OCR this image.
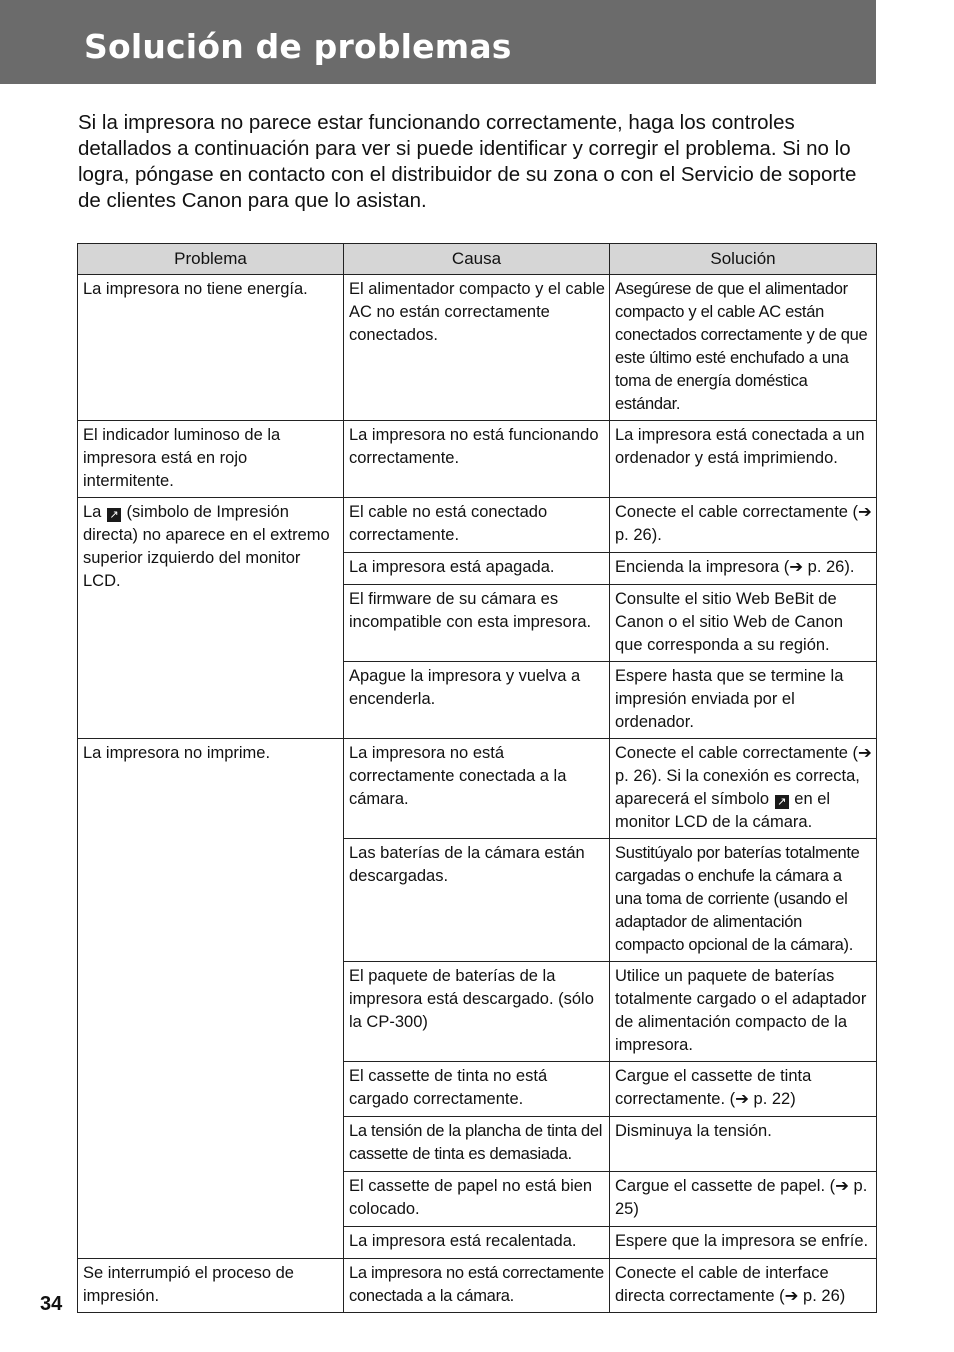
Solución de problemas

Si la impresora no parece estar funcionando correctamente, haga los controles detallados a continuación para ver si puede identificar y corregir el problema. Si no lo logra, póngase en contacto con el distribuidor de su zona o con el Servicio de soporte de clientes Canon para que lo asistan.

Problema	Causa	Solución
La impresora no tiene energía.	El alimentador compacto y el cable AC no están correctamente conectados.	Asegúrese de que el alimentador compacto y el cable AC están conectados correctamente y de que este último esté enchufado a una toma de energía doméstica estándar.
El indicador luminoso de la impresora está en rojo intermitente.	La impresora no está funcionando correctamente.	La impresora está conectada a un ordenador y está imprimiendo.
La ↗ (simbolo de Impresión directa) no aparece en el extremo superior izquierdo del monitor LCD.	El cable no está conectado correctamente.	Conecte el cable correctamente (➔ p. 26).
	La impresora está apagada.	Encienda la impresora (➔ p. 26).
	El firmware de su cámara es incompatible con esta impresora.	Consulte el sitio Web BeBit de Canon o el sitio Web de Canon que corresponda a su región.
	Apague la impresora y vuelva a encenderla.	Espere hasta que se termine la impresión enviada por el ordenador.
La impresora no imprime.	La impresora no está correctamente conectada a la cámara.	Conecte el cable correctamente (➔ p. 26). Si la conexión es correcta, aparecerá el símbolo ↗ en el monitor LCD de la cámara.
	Las baterías de la cámara están descargadas.	Sustitúyalo por baterías totalmente cargadas o enchufe la cámara a una toma de corriente (usando el adaptador de alimentación compacto opcional de la cámara).
	El paquete de baterías de la impresora está descargado. (sólo la CP-300)	Utilice un paquete de baterías totalmente cargado o el adaptador de alimentación compacto de la impresora.
	El cassette de tinta no está cargado correctamente.	Cargue el cassette de tinta correctamente. (➔ p. 22)
	La tensión de la plancha de tinta del cassette de tinta es demasiada.	Disminuya la tensión.
	El cassette de papel no está bien colocado.	Cargue el cassette de papel. (➔ p. 25)
	La impresora está recalentada.	Espere que la impresora se enfríe.
Se interrumpió el proceso de impresión.	La impresora no está correctamente conectada a la cámara.	Conecte el cable de interface directa correctamente (➔ p. 26)

34
